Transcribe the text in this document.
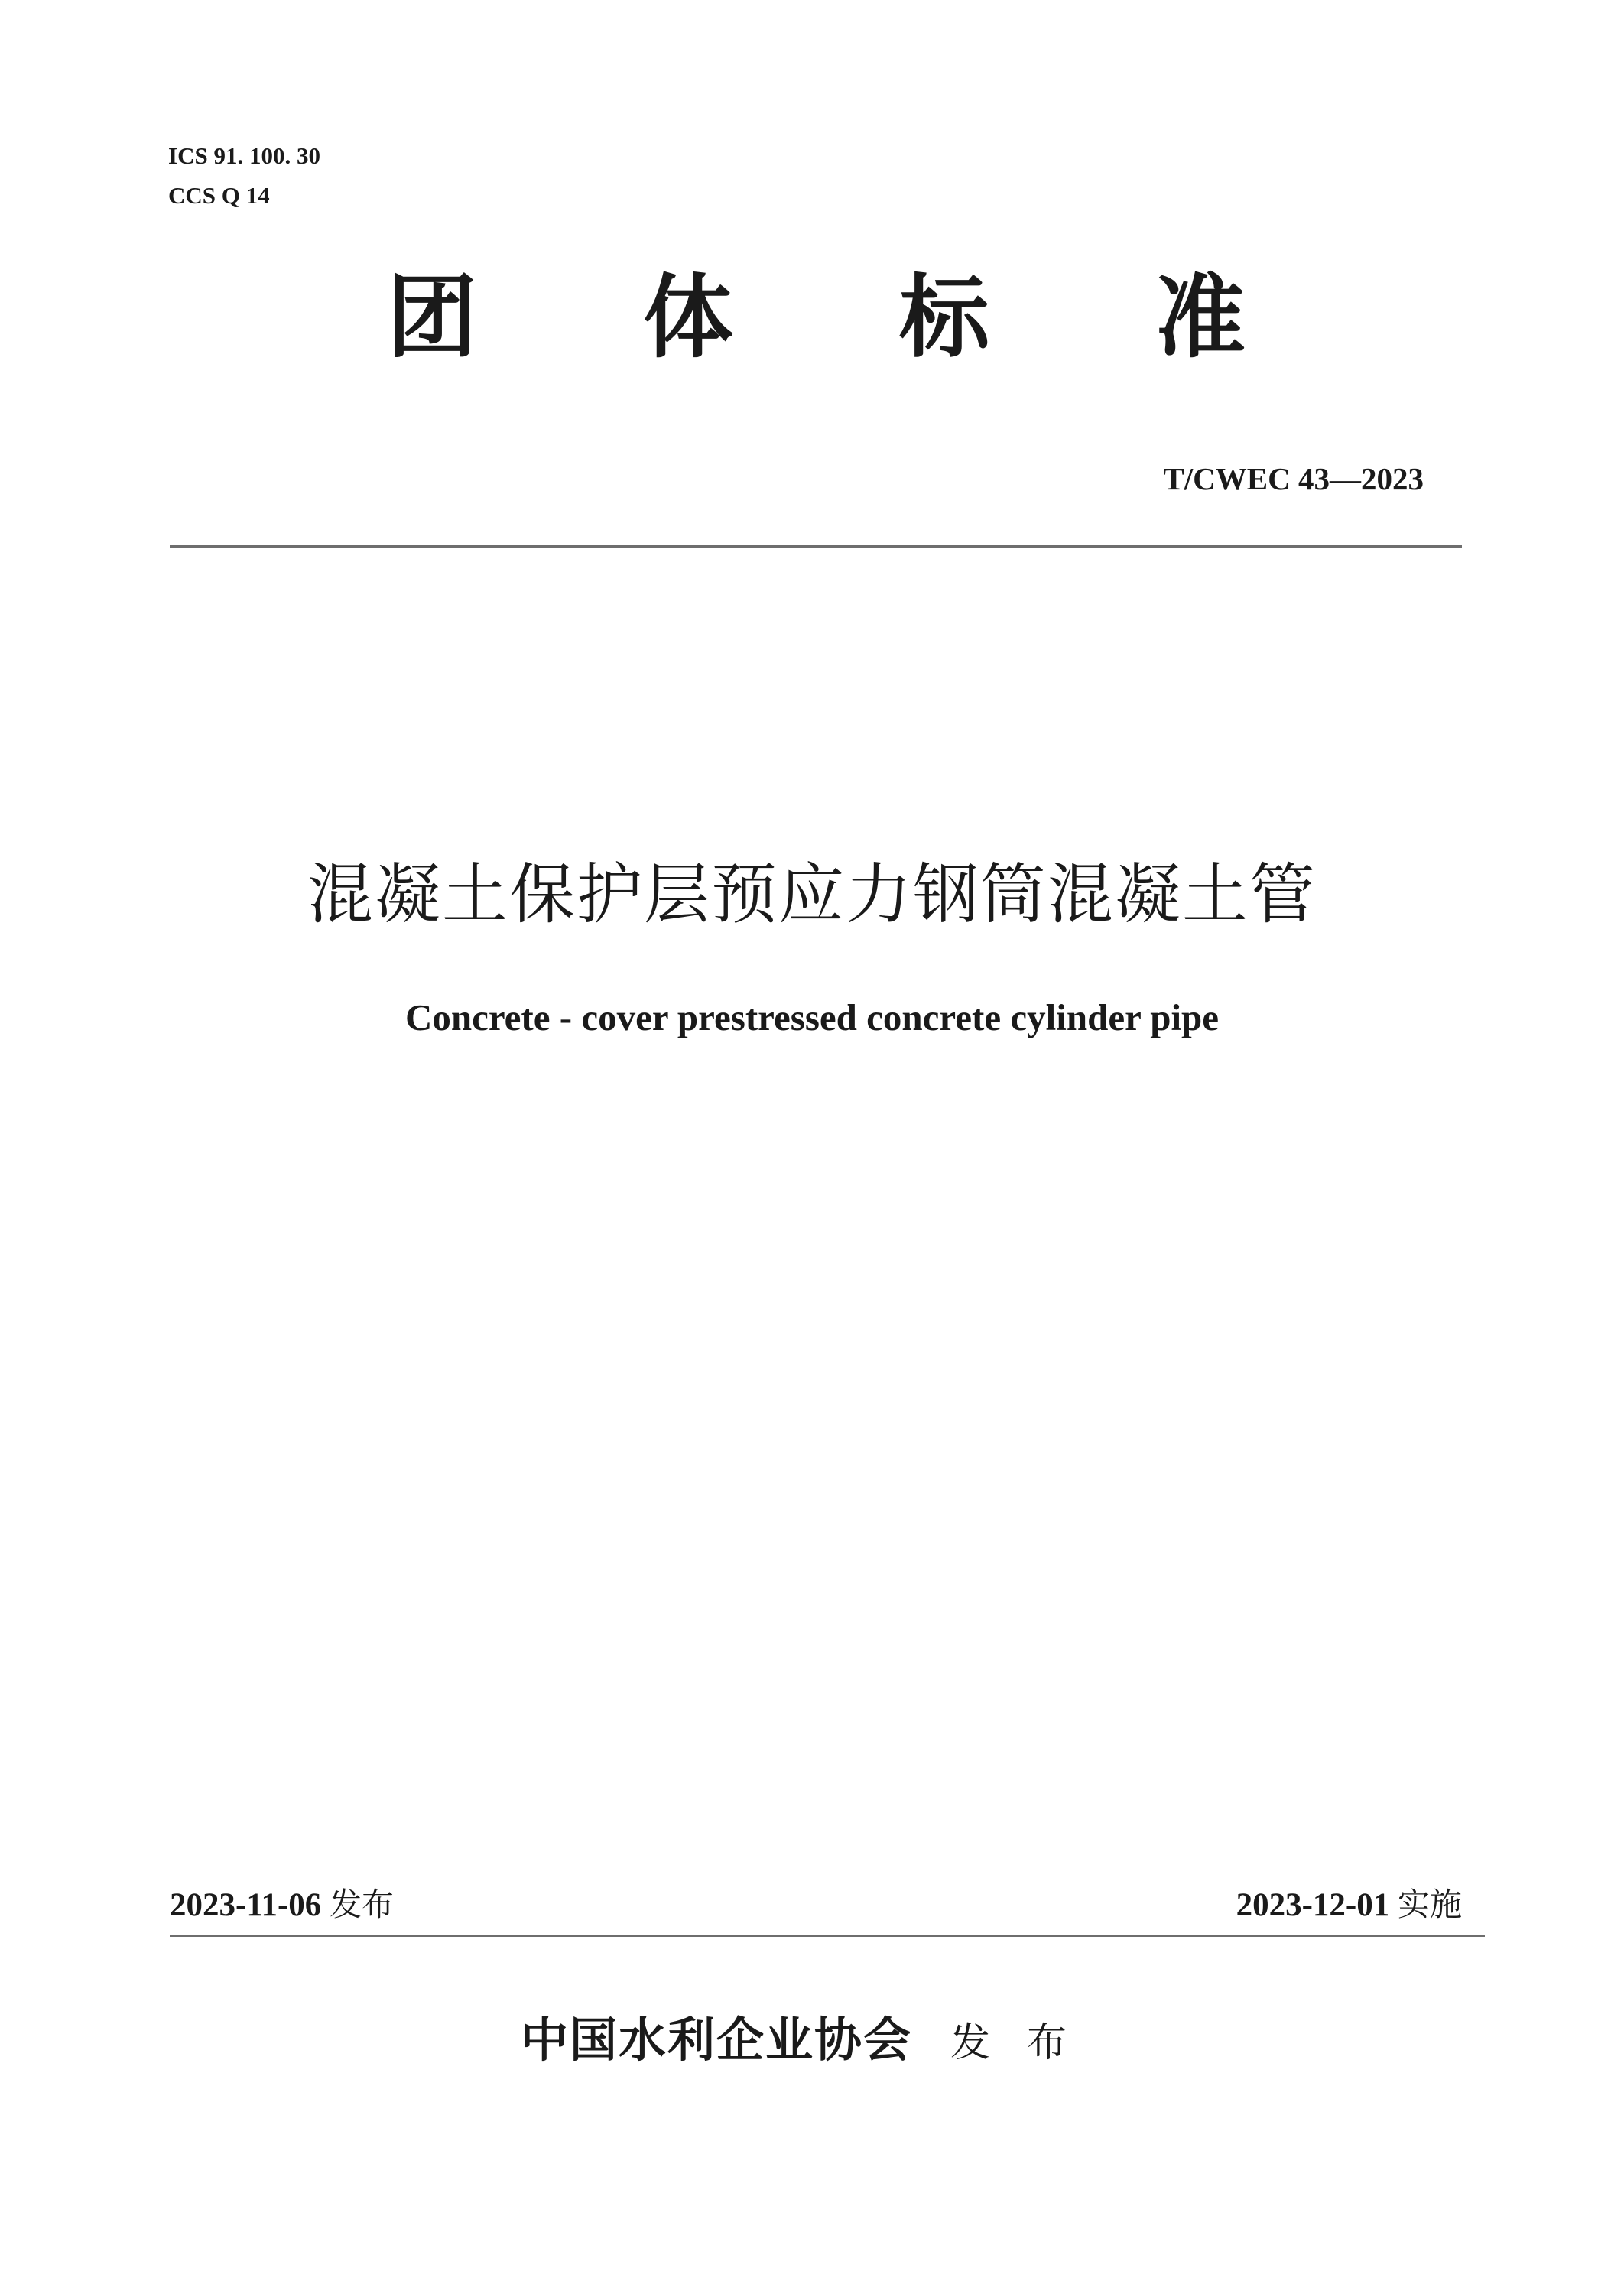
ICS 91. 100. 30
CCS Q 14
团 体 标 准
T/CWEC 43—2023
混凝土保护层预应力钢筒混凝土管
Concrete - cover prestressed concrete cylinder pipe
2023-11-06 发布	2023-12-01 实施
中国水利企业协会 发布
